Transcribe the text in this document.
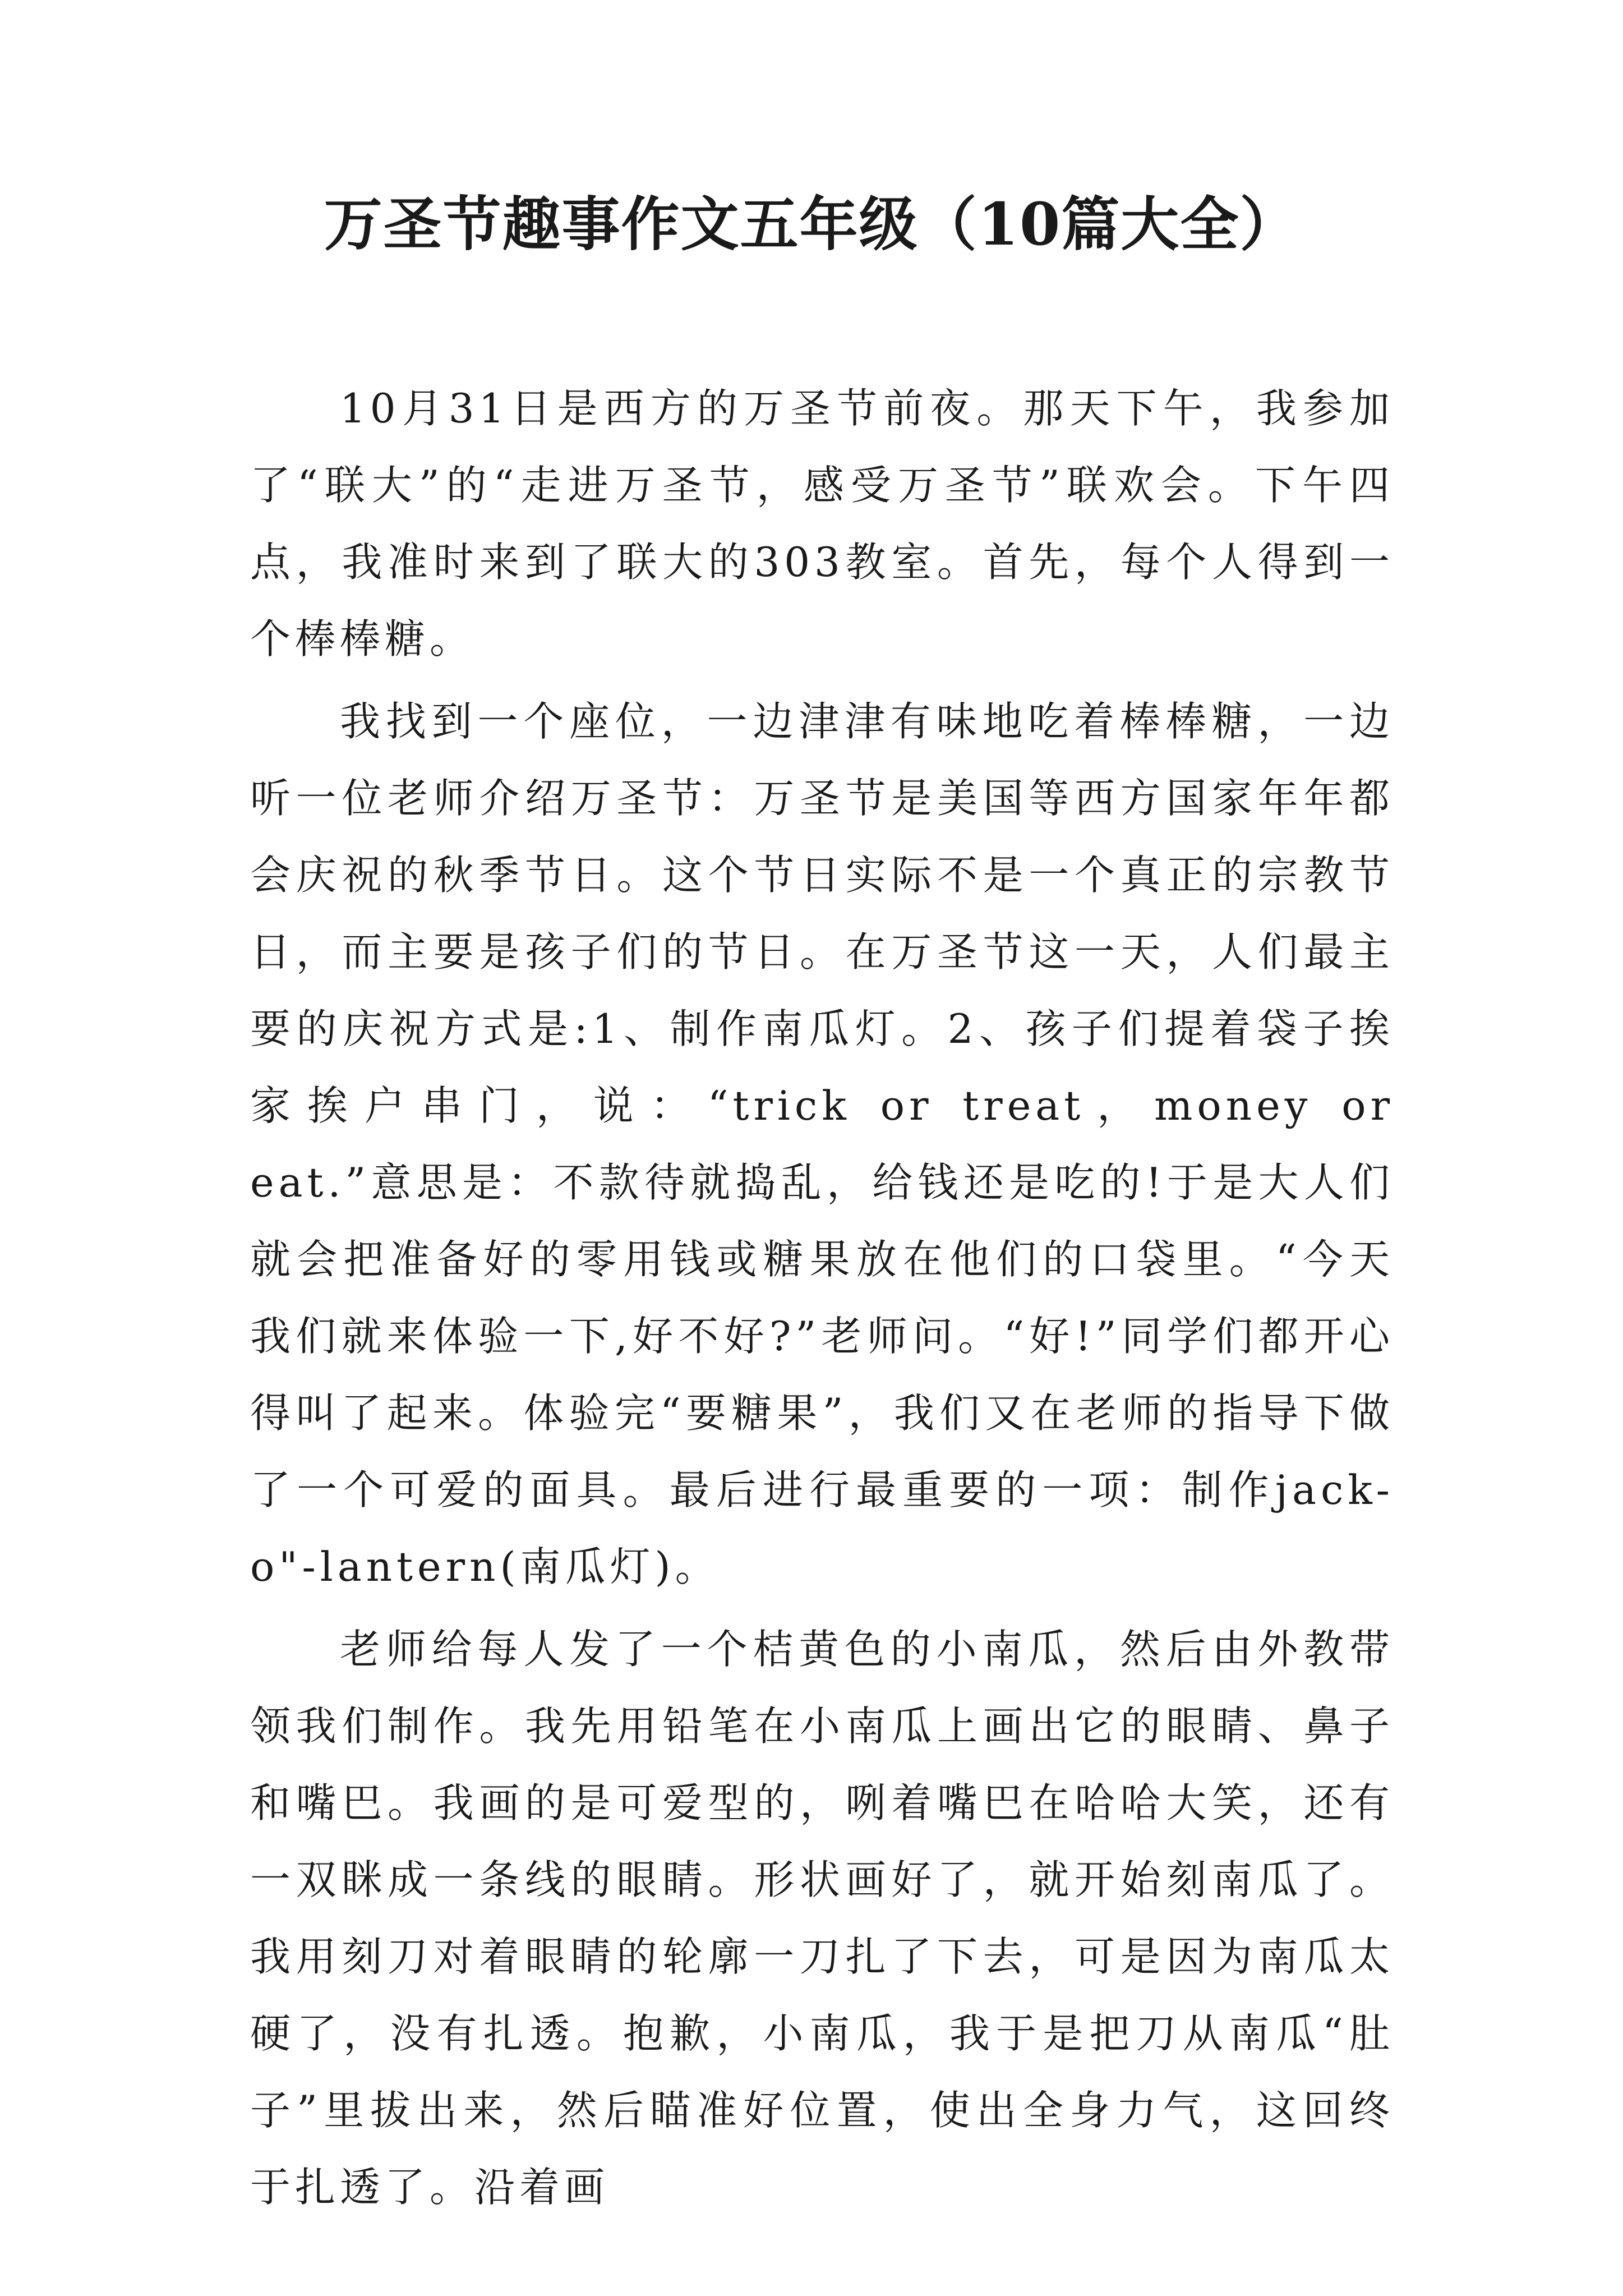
万圣节趣事作文五年级（10篇大全）

10月31日是西方的万圣节前夜。那天下午，我参加了“联大”的“走进万圣节，感受万圣节”联欢会。下午四点，我准时来到了联大的303教室。首先，每个人得到一个棒棒糖。

我找到一个座位，一边津津有味地吃着棒棒糖，一边听一位老师介绍万圣节：万圣节是美国等西方国家年年都会庆祝的秋季节日。这个节日实际不是一个真正的宗教节日，而主要是孩子们的节日。在万圣节这一天，人们最主要的庆祝方式是:1、制作南瓜灯。2、孩子们提着袋子挨家挨户串门，说：“trick or treat，money or eat.”意思是：不款待就捣乱，给钱还是吃的!于是大人们就会把准备好的零用钱或糖果放在他们的口袋里。“今天我们就来体验一下,好不好?”老师问。“好!”同学们都开心得叫了起来。体验完“要糖果”，我们又在老师的指导下做了一个可爱的面具。最后进行最重要的一项：制作jack-o"-lantern(南瓜灯)。

老师给每人发了一个桔黄色的小南瓜，然后由外教带领我们制作。我先用铅笔在小南瓜上画出它的眼睛、鼻子和嘴巴。我画的是可爱型的，咧着嘴巴在哈哈大笑，还有一双眯成一条线的眼睛。形状画好了，就开始刻南瓜了。我用刻刀对着眼睛的轮廓一刀扎了下去，可是因为南瓜太硬了，没有扎透。抱歉，小南瓜，我于是把刀从南瓜“肚子”里拔出来，然后瞄准好位置，使出全身力气，这回终于扎透了。沿着画
